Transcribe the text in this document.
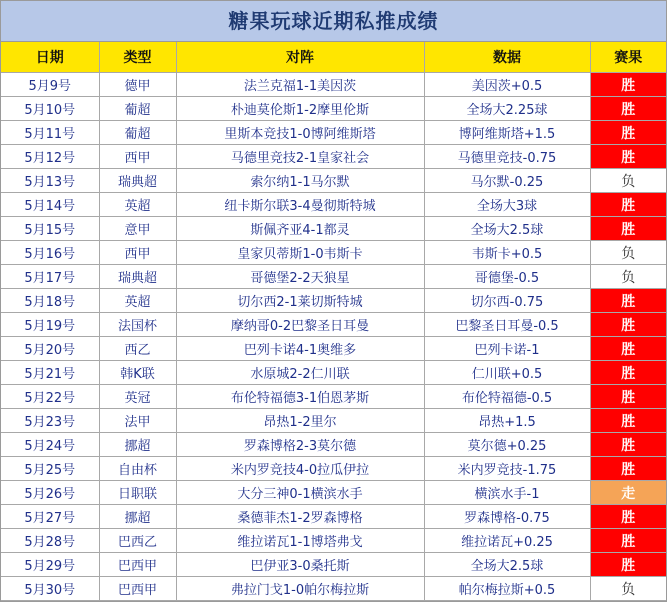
糖果玩球近期私推成绩
日期	类型	对阵	数据	赛果
5月9号	德甲	法兰克福1-1美因茨	美因茨+0.5	胜
5月10号	葡超	朴迪莫伦斯1-2摩里伦斯	全场大2.25球	胜
5月11号	葡超	里斯本竞技1-0博阿维斯塔	博阿维斯塔+1.5	胜
5月12号	西甲	马德里竞技2-1皇家社会	马德里竞技-0.75	胜
5月13号	瑞典超	索尔纳1-1马尔默	马尔默-0.25	负
5月14号	英超	纽卡斯尔联3-4曼彻斯特城	全场大3球	胜
5月15号	意甲	斯佩齐亚4-1都灵	全场大2.5球	胜
5月16号	西甲	皇家贝蒂斯1-0韦斯卡	韦斯卡+0.5	负
5月17号	瑞典超	哥德堡2-2天狼星	哥德堡-0.5	负
5月18号	英超	切尔西2-1莱切斯特城	切尔西-0.75	胜
5月19号	法国杯	摩纳哥0-2巴黎圣日耳曼	巴黎圣日耳曼-0.5	胜
5月20号	西乙	巴列卡诺4-1奥维多	巴列卡诺-1	胜
5月21号	韩K联	水原城2-2仁川联	仁川联+0.5	胜
5月22号	英冠	布伦特福德3-1伯恩茅斯	布伦特福德-0.5	胜
5月23号	法甲	昂热1-2里尔	昂热+1.5	胜
5月24号	挪超	罗森博格2-3莫尔德	莫尔德+0.25	胜
5月25号	自由杯	米内罗竞技4-0拉瓜伊拉	米内罗竞技-1.75	胜
5月26号	日职联	大分三神0-1横滨水手	横滨水手-1	走
5月27号	挪超	桑德菲杰1-2罗森博格	罗森博格-0.75	胜
5月28号	巴西乙	维拉诺瓦1-1博塔弗戈	维拉诺瓦+0.25	胜
5月29号	巴西甲	巴伊亚3-0桑托斯	全场大2.5球	胜
5月30号	巴西甲	弗拉门戈1-0帕尔梅拉斯	帕尔梅拉斯+0.5	负
